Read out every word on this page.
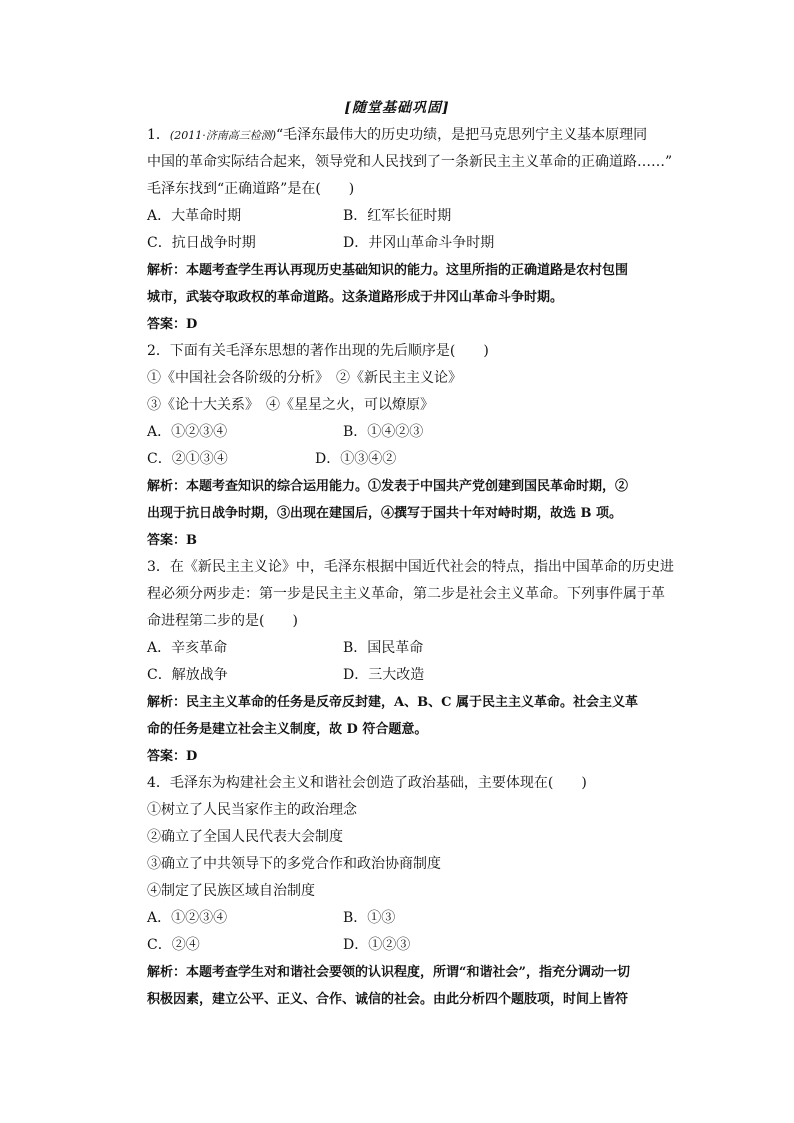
[随堂基础巩固]
1．(2011·济南高三检测)“毛泽东最伟大的历史功绩，是把马克思列宁主义基本原理同
中国的革命实际结合起来，领导党和人民找到了一条新民主主义革命的正确道路……”
毛泽东找到“正确道路”是在(　　)
A．大革命时期	B．红军长征时期
C．抗日战争时期	D．井冈山革命斗争时期
解析：本题考查学生再认再现历史基础知识的能力。这里所指的正确道路是农村包围
城市，武装夺取政权的革命道路。这条道路形成于井冈山革命斗争时期。
答案：D
2．下面有关毛泽东思想的著作出现的先后顺序是(　　)
①《中国社会各阶级的分析》　②《新民主主义论》
③《论十大关系》　④《星星之火，可以燎原》
A．①②③④	B．①④②③
C．②①③④	D．①③④②
解析：本题考查知识的综合运用能力。①发表于中国共产党创建到国民革命时期，②
出现于抗日战争时期，③出现在建国后，④撰写于国共十年对峙时期，故选 B 项。
答案：B
3．在《新民主主义论》中，毛泽东根据中国近代社会的特点，指出中国革命的历史进
程必须分两步走：第一步是民主主义革命，第二步是社会主义革命。下列事件属于革
命进程第二步的是(　　)
A．辛亥革命	B．国民革命
C．解放战争	D．三大改造
解析：民主主义革命的任务是反帝反封建，A、B、C 属于民主主义革命。社会主义革
命的任务是建立社会主义制度，故 D 符合题意。
答案：D
4．毛泽东为构建社会主义和谐社会创造了政治基础，主要体现在(　　)
①树立了人民当家作主的政治理念
②确立了全国人民代表大会制度
③确立了中共领导下的多党合作和政治协商制度
④制定了民族区域自治制度
A．①②③④	B．①③
C．②④	D．①②③
解析：本题考查学生对和谐社会要领的认识程度，所谓“和谐社会”，指充分调动一切
积极因素，建立公平、正义、合作、诚信的社会。由此分析四个题肢项，时间上皆符
